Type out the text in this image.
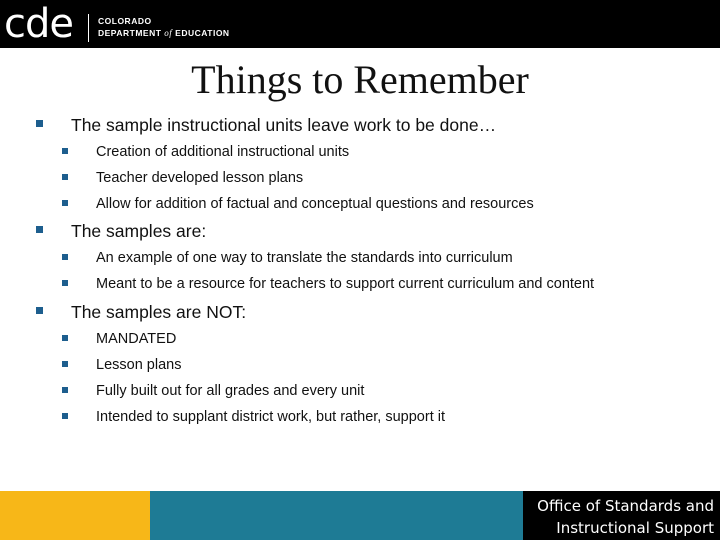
cde	COLORADO
DEPARTMENT of EDUCATION
Things to Remember
The sample instructional units leave work to be done…
Creation of additional instructional units
Teacher developed lesson plans
Allow for addition of factual and conceptual questions and resources
The samples are:
An example of one way to translate the standards into curriculum
Meant to be a resource for teachers to support current curriculum and content
The samples are NOT:
MANDATED
Lesson plans
Fully built out for all grades and every unit
Intended to supplant district work, but rather, support it
Office of Standards and
Instructional Support
